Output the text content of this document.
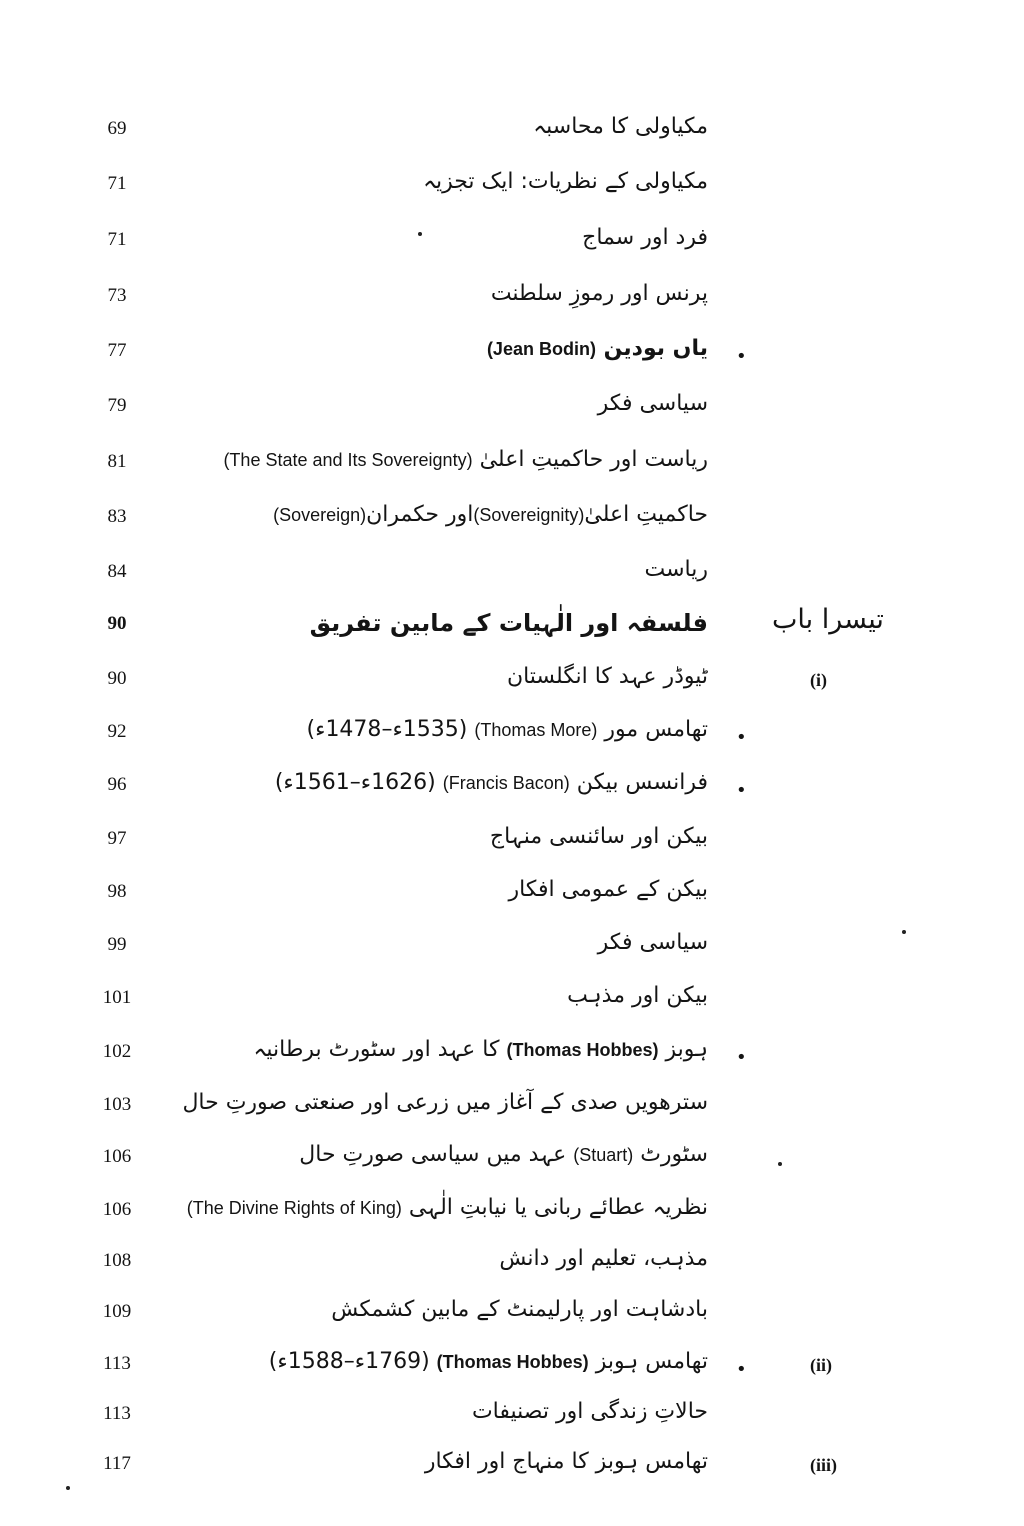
69	مکیاولی کا محاسبہ
71	مکیاولی کے نظریات: ایک تجزیہ
71	فرد اور سماج
73	پرنس اور رموزِ سلطنت
77	یاں بودین (Jean Bodin)	•
79	سیاسی فکر
81	ریاست اور حاکمیتِ اعلیٰ (The State and Its Sovereignty)
83	حاکمیتِ اعلیٰ(Sovereignity)اور حکمران(Sovereign)
84	ریاست
تیسرا باب
90	فلسفہ اور الٰہیات کے مابین تفریق
90	ٹیوڈر عہد کا انگلستان	(i)
92	تھامس مور (Thomas More) (1535ء–1478ء)	•
96	فرانسس بیکن (Francis Bacon) (1626ء–1561ء)	•
97	بیکن اور سائنسی منہاج
98	بیکن کے عمومی افکار
99	سیاسی فکر
101	بیکن اور مذہب
102	ہوبز (Thomas Hobbes) کا عہد اور سٹورٹ برطانیہ	•
103	سترھویں صدی کے آغاز میں زرعی اور صنعتی صورتِ حال
106	سٹورٹ (Stuart) عہد میں سیاسی صورتِ حال
106	نظریہ عطائے ربانی یا نیابتِ الٰہی (The Divine Rights of King)
108	مذہب، تعلیم اور دانش
109	بادشاہت اور پارلیمنٹ کے مابین کشمکش
113	تھامس ہوبز (Thomas Hobbes) (1769ء–1588ء)	•	(ii)
113	حالاتِ زندگی اور تصنیفات
117	تھامس ہوبز کا منہاج اور افکار	(iii)
